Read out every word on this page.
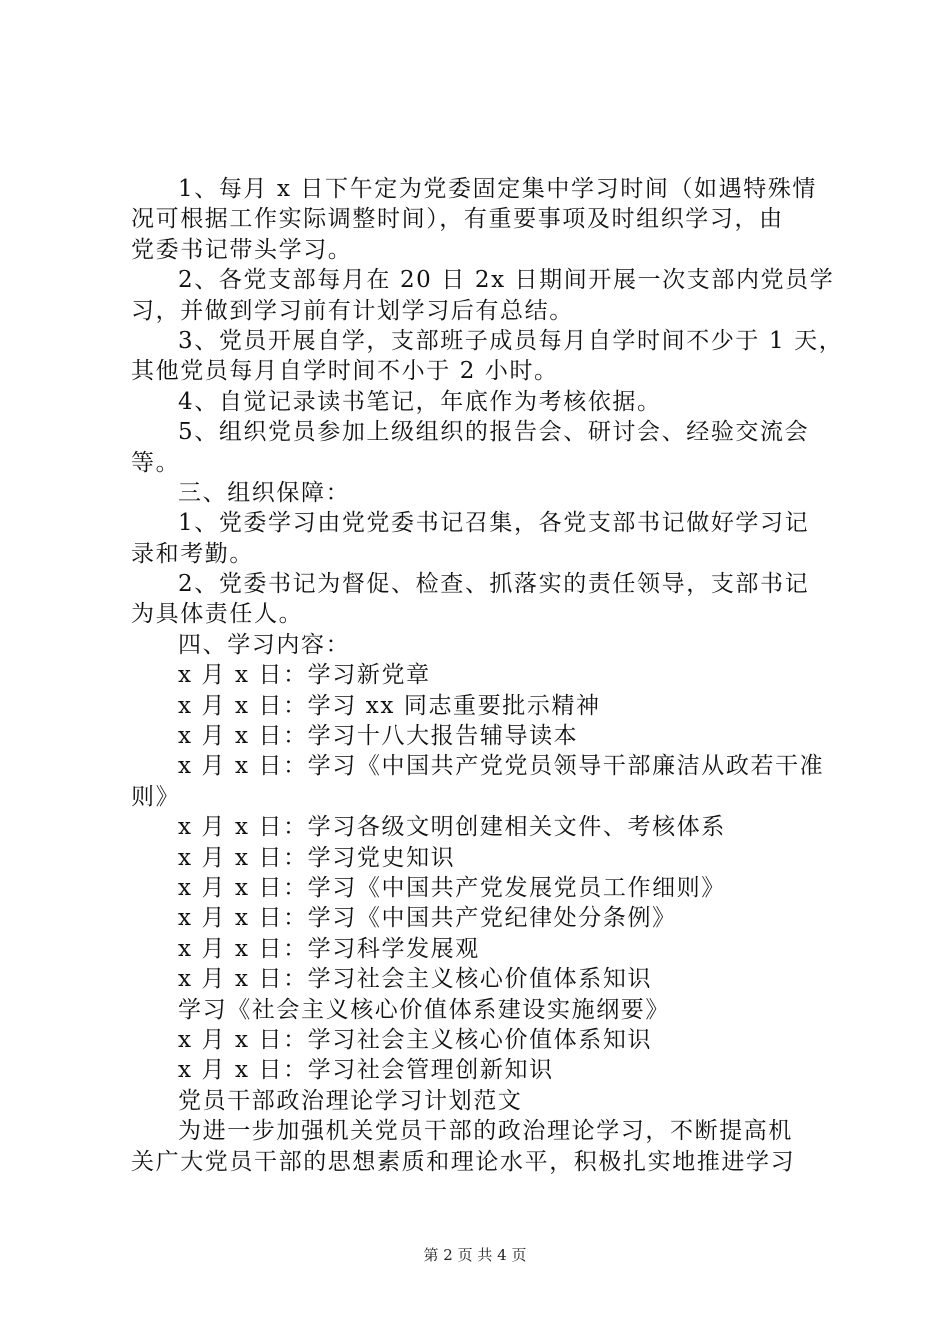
1、每月 x 日下午定为党委固定集中学习时间（如遇特殊情
况可根据工作实际调整时间），有重要事项及时组织学习，由
党委书记带头学习。
2、各党支部每月在 20 日 2x 日期间开展一次支部内党员学
习，并做到学习前有计划学习后有总结。
3、党员开展自学，支部班子成员每月自学时间不少于 1 天，
其他党员每月自学时间不小于 2 小时。
4、自觉记录读书笔记，年底作为考核依据。
5、组织党员参加上级组织的报告会、研讨会、经验交流会
等。
三、组织保障：
1、党委学习由党党委书记召集，各党支部书记做好学习记
录和考勤。
2、党委书记为督促、检查、抓落实的责任领导，支部书记
为具体责任人。
四、学习内容：
x 月 x 日：学习新党章
x 月 x 日：学习 xx 同志重要批示精神
x 月 x 日：学习十八大报告辅导读本
x 月 x 日：学习《中国共产党党员领导干部廉洁从政若干准
则》
x 月 x 日：学习各级文明创建相关文件、考核体系
x 月 x 日：学习党史知识
x 月 x 日：学习《中国共产党发展党员工作细则》
x 月 x 日：学习《中国共产党纪律处分条例》
x 月 x 日：学习科学发展观
x 月 x 日：学习社会主义核心价值体系知识
学习《社会主义核心价值体系建设实施纲要》
x 月 x 日：学习社会主义核心价值体系知识
x 月 x 日：学习社会管理创新知识
党员干部政治理论学习计划范文
为进一步加强机关党员干部的政治理论学习，不断提高机
关广大党员干部的思想素质和理论水平，积极扎实地推进学习
第 2 页 共 4 页
